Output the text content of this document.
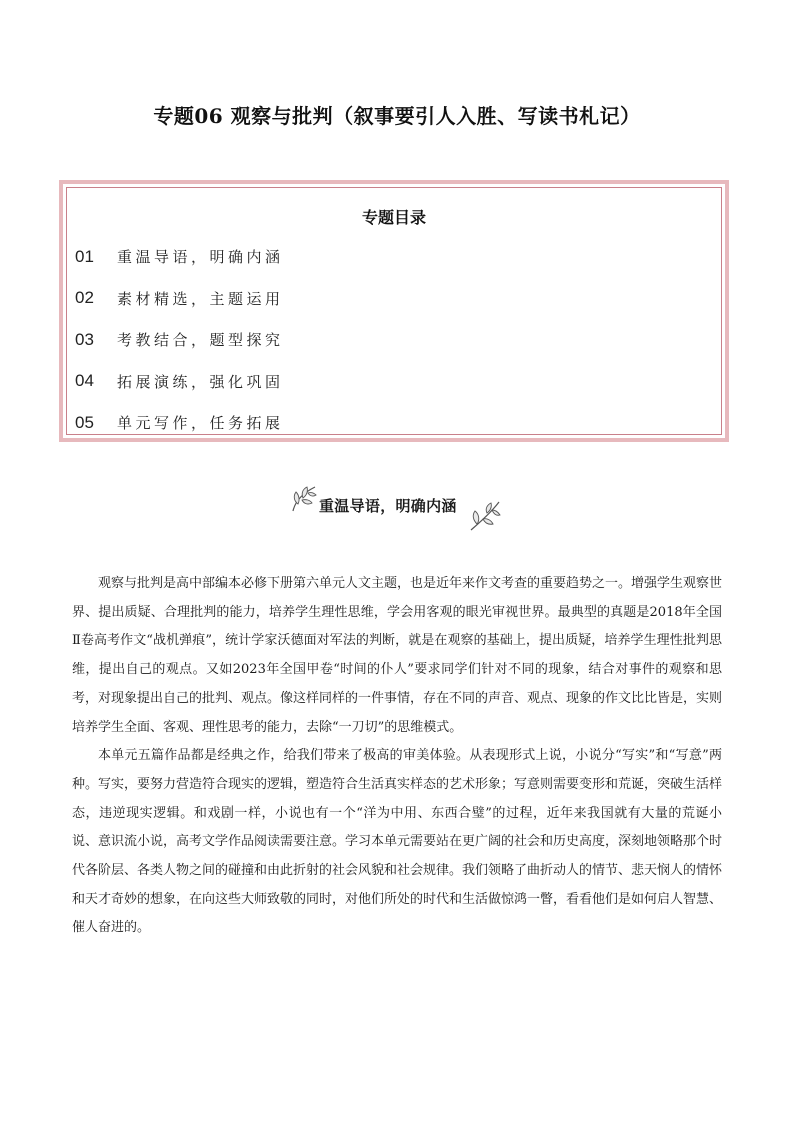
专题06 观察与批判（叙事要引人入胜、写读书札记）
专题目录
01	重温导语，明确内涵
02	素材精选，主题运用
03	考教结合，题型探究
04	拓展演练，强化巩固
05	单元写作，任务拓展
重温导语，明确内涵

观察与批判是高中部编本必修下册第六单元人文主题，也是近年来作文考查的重要趋势之一。增强学生观察世界、提出质疑、合理批判的能力，培养学生理性思维，学会用客观的眼光审视世界。最典型的真题是2018年全国Ⅱ卷高考作文“战机弹痕”，统计学家沃德面对军法的判断，就是在观察的基础上，提出质疑，培养学生理性批判思维，提出自己的观点。又如2023年全国甲卷“时间的仆人”要求同学们针对不同的现象，结合对事件的观察和思考，对现象提出自己的批判、观点。像这样同样的一件事情，存在不同的声音、观点、现象的作文比比皆是，实则培养学生全面、客观、理性思考的能力，去除“一刀切”的思维模式。

本单元五篇作品都是经典之作，给我们带来了极高的审美体验。从表现形式上说，小说分“写实”和“写意”两种。写实，要努力营造符合现实的逻辑，塑造符合生活真实样态的艺术形象；写意则需要变形和荒诞，突破生活样态，违逆现实逻辑。和戏剧一样，小说也有一个“洋为中用、东西合璧”的过程，近年来我国就有大量的荒诞小说、意识流小说，高考文学作品阅读需要注意。学习本单元需要站在更广阔的社会和历史高度，深刻地领略那个时代各阶层、各类人物之间的碰撞和由此折射的社会风貌和社会规律。我们领略了曲折动人的情节、悲天悯人的情怀和天才奇妙的想象，在向这些大师致敬的同时，对他们所处的时代和生活做惊鸿一瞥，看看他们是如何启人智慧、催人奋进的。
